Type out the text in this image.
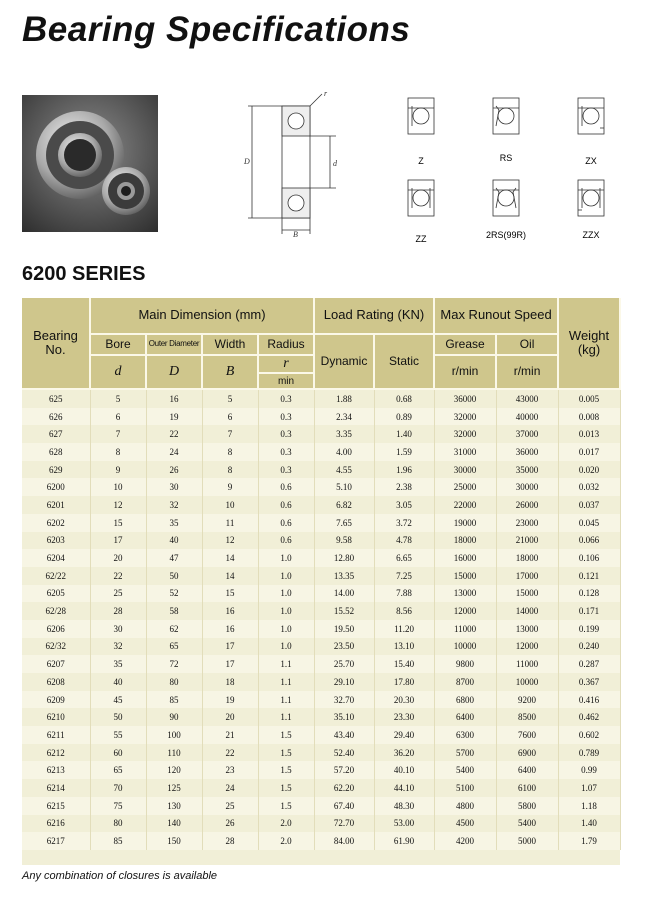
Bearing Specifications
D	d
B
r
Z	RS	ZX
ZZ	2RS(99R)	ZZX
6200 SERIES
Bearing No.	Main Dimension (mm)				Load Rating (KN)		Max Runout Speed		Weight (kg)
	Bore	Outer Diameter	Width	Radius	Dynamic	Static	Grease	Oil	
	d	D	B	r			r/min	r/min	
				min					
625	5	16	5	0.3	1.88	0.68	36000	43000	0.005
626	6	19	6	0.3	2.34	0.89	32000	40000	0.008
627	7	22	7	0.3	3.35	1.40	32000	37000	0.013
628	8	24	8	0.3	4.00	1.59	31000	36000	0.017
629	9	26	8	0.3	4.55	1.96	30000	35000	0.020
6200	10	30	9	0.6	5.10	2.38	25000	30000	0.032
6201	12	32	10	0.6	6.82	3.05	22000	26000	0.037
6202	15	35	11	0.6	7.65	3.72	19000	23000	0.045
6203	17	40	12	0.6	9.58	4.78	18000	21000	0.066
6204	20	47	14	1.0	12.80	6.65	16000	18000	0.106
62/22	22	50	14	1.0	13.35	7.25	15000	17000	0.121
6205	25	52	15	1.0	14.00	7.88	13000	15000	0.128
62/28	28	58	16	1.0	15.52	8.56	12000	14000	0.171
6206	30	62	16	1.0	19.50	11.20	11000	13000	0.199
62/32	32	65	17	1.0	23.50	13.10	10000	12000	0.240
6207	35	72	17	1.1	25.70	15.40	9800	11000	0.287
6208	40	80	18	1.1	29.10	17.80	8700	10000	0.367
6209	45	85	19	1.1	32.70	20.30	6800	9200	0.416
6210	50	90	20	1.1	35.10	23.30	6400	8500	0.462
6211	55	100	21	1.5	43.40	29.40	6300	7600	0.602
6212	60	110	22	1.5	52.40	36.20	5700	6900	0.789
6213	65	120	23	1.5	57.20	40.10	5400	6400	0.99
6214	70	125	24	1.5	62.20	44.10	5100	6100	1.07
6215	75	130	25	1.5	67.40	48.30	4800	5800	1.18
6216	80	140	26	2.0	72.70	53.00	4500	5400	1.40
6217	85	150	28	2.0	84.00	61.90	4200	5000	1.79
Any combination of closures is available
